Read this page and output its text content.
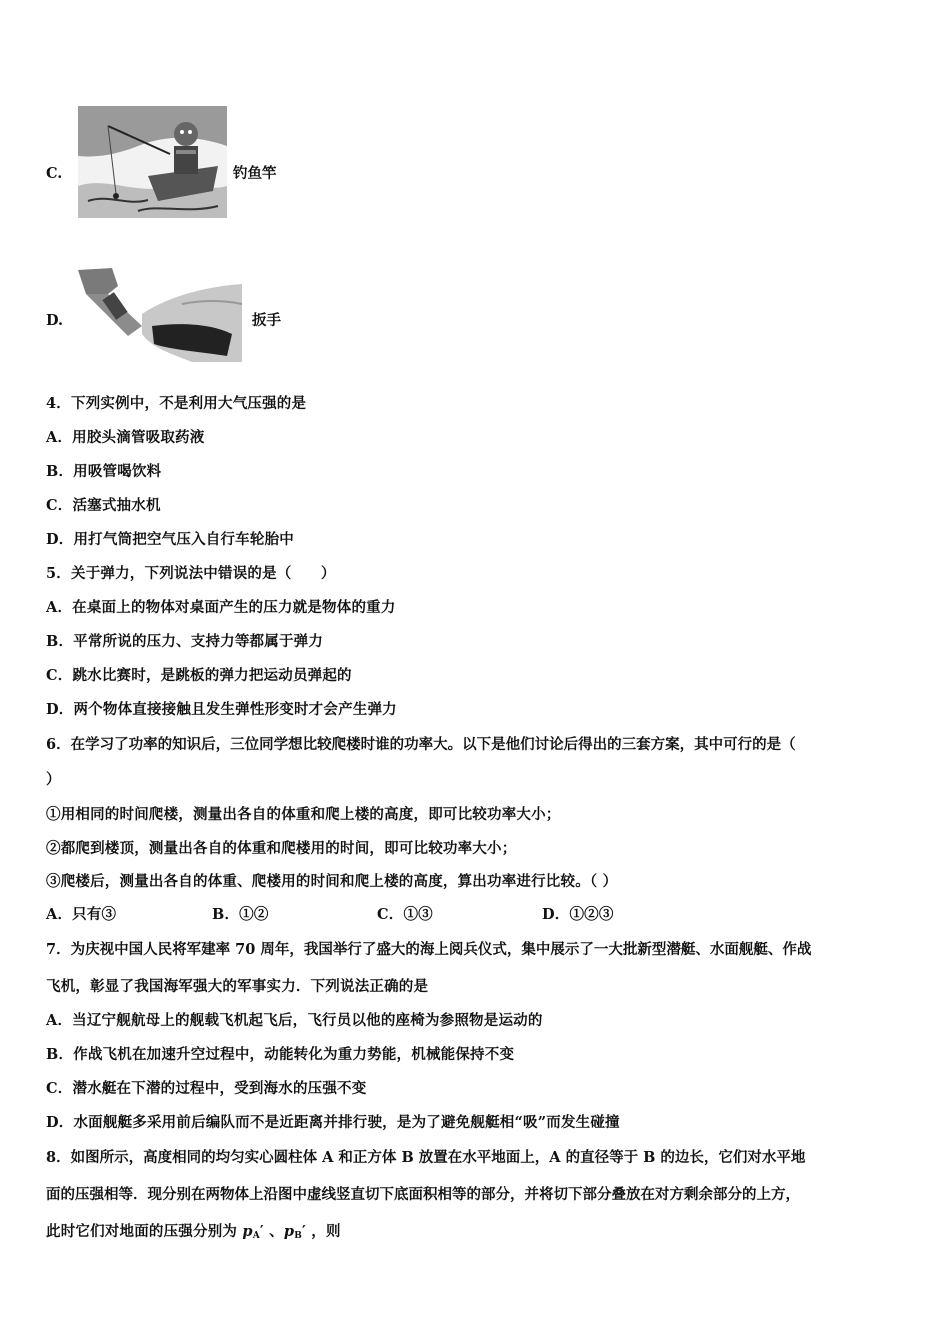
C.	钓鱼竿
D.	扳手
4．下列实例中，不是利用大气压强的是
A．用胶头滴管吸取药液
B．用吸管喝饮料
C．活塞式抽水机
D．用打气筒把空气压入自行车轮胎中
5．关于弹力，下列说法中错误的是（　　）
A．在桌面上的物体对桌面产生的压力就是物体的重力
B．平常所说的压力、支持力等都属于弹力
C．跳水比赛时，是跳板的弹力把运动员弹起的
D．两个物体直接接触且发生弹性形变时才会产生弹力
6．在学习了功率的知识后，三位同学想比较爬楼时谁的功率大。以下是他们讨论后得出的三套方案，其中可行的是（
）
①用相同的时间爬楼，测量出各自的体重和爬上楼的高度，即可比较功率大小；
②都爬到楼顶，测量出各自的体重和爬楼用的时间，即可比较功率大小；
③爬楼后，测量出各自的体重、爬楼用的时间和爬上楼的高度，算出功率进行比较。（ ）
A．只有③	B．①②	C．①③	D．①②③
7．为庆视中国人民将军建率 70 周年，我国举行了盛大的海上阅兵仪式，集中展示了一大批新型潜艇、水面舰艇、作战
飞机，彰显了我国海军强大的军事实力．下列说法正确的是
A．当辽宁舰航母上的舰载飞机起飞后，飞行员以他的座椅为参照物是运动的
B．作战飞机在加速升空过程中，动能转化为重力势能，机械能保持不变
C．潜水艇在下潜的过程中，受到海水的压强不变
D．水面舰艇多采用前后编队而不是近距离并排行驶，是为了避免舰艇相“吸”而发生碰撞
8．如图所示，高度相同的均匀实心圆柱体 A 和正方体 B 放置在水平地面上，A 的直径等于 B 的边长，它们对水平地
面的压强相等．现分别在两物体上沿图中虚线竖直切下底面积相等的部分，并将切下部分叠放在对方剩余部分的上方，
此时它们对地面的压强分别为 $p_A'$ 、$p_B'$ ，则
